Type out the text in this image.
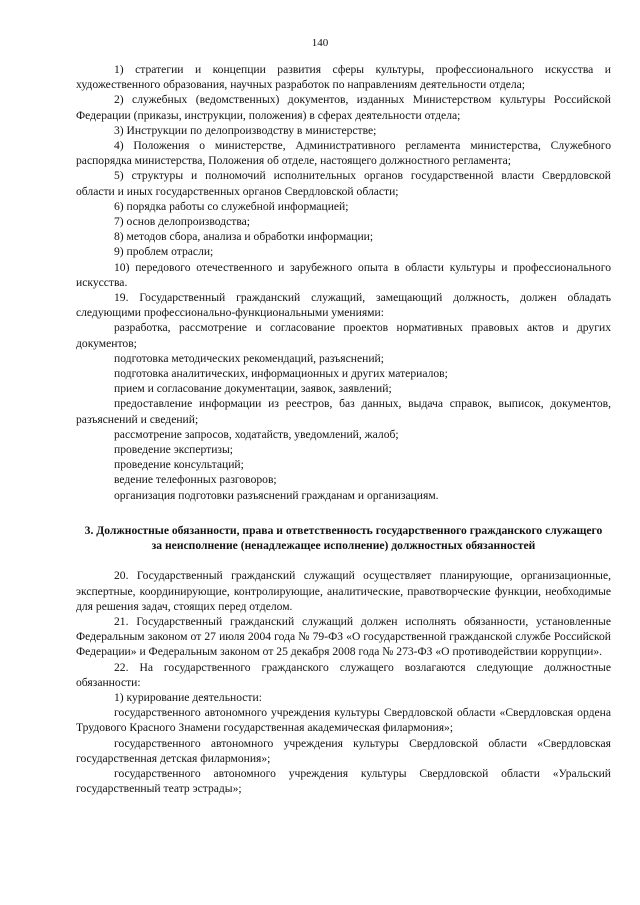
140

1) стратегии и концепции развития сферы культуры, профессионального искусства и художественного образования, научных разработок по направлениям деятельности отдела;

2) служебных (ведомственных) документов, изданных Министерством культуры Российской Федерации (приказы, инструкции, положения) в сферах деятельности отдела;

3) Инструкции по делопроизводству в министерстве;

4) Положения о министерстве, Административного регламента министерства, Служебного распорядка министерства, Положения об отделе, настоящего должностного регламента;

5) структуры и полномочий исполнительных органов государственной власти Свердловской области и иных государственных органов Свердловской области;

6) порядка работы со служебной информацией;

7) основ делопроизводства;

8) методов сбора, анализа и обработки информации;

9) проблем отрасли;

10) передового отечественного и зарубежного опыта в области культуры и профессионального искусства.

19. Государственный гражданский служащий, замещающий должность, должен обладать следующими профессионально-функциональными умениями:

разработка, рассмотрение и согласование проектов нормативных правовых актов и других документов;

подготовка методических рекомендаций, разъяснений;

подготовка аналитических, информационных и других материалов;

прием и согласование документации, заявок, заявлений;

предоставление информации из реестров, баз данных, выдача справок, выписок, документов, разъяснений и сведений;

рассмотрение запросов, ходатайств, уведомлений, жалоб;

проведение экспертизы;

проведение консультаций;

ведение телефонных разговоров;

организация подготовки разъяснений гражданам и организациям.

3. Должностные обязанности, права и ответственность государственного гражданского служащего за неисполнение (ненадлежащее исполнение) должностных обязанностей

20. Государственный гражданский служащий осуществляет планирующие, организационные, экспертные, координирующие, контролирующие, аналитические, правотворческие функции, необходимые для решения задач, стоящих перед отделом.

21. Государственный гражданский служащий должен исполнять обязанности, установленные Федеральным законом от 27 июля 2004 года № 79-ФЗ «О государственной гражданской службе Российской Федерации» и Федеральным законом от 25 декабря 2008 года № 273-ФЗ «О противодействии коррупции».

22. На государственного гражданского служащего возлагаются следующие должностные обязанности:

1) курирование деятельности:

государственного автономного учреждения культуры Свердловской области «Свердловская ордена Трудового Красного Знамени государственная академическая филармония»;

государственного автономного учреждения культуры Свердловской области «Свердловская государственная детская филармония»;

государственного автономного учреждения культуры Свердловской области «Уральский государственный театр эстрады»;
